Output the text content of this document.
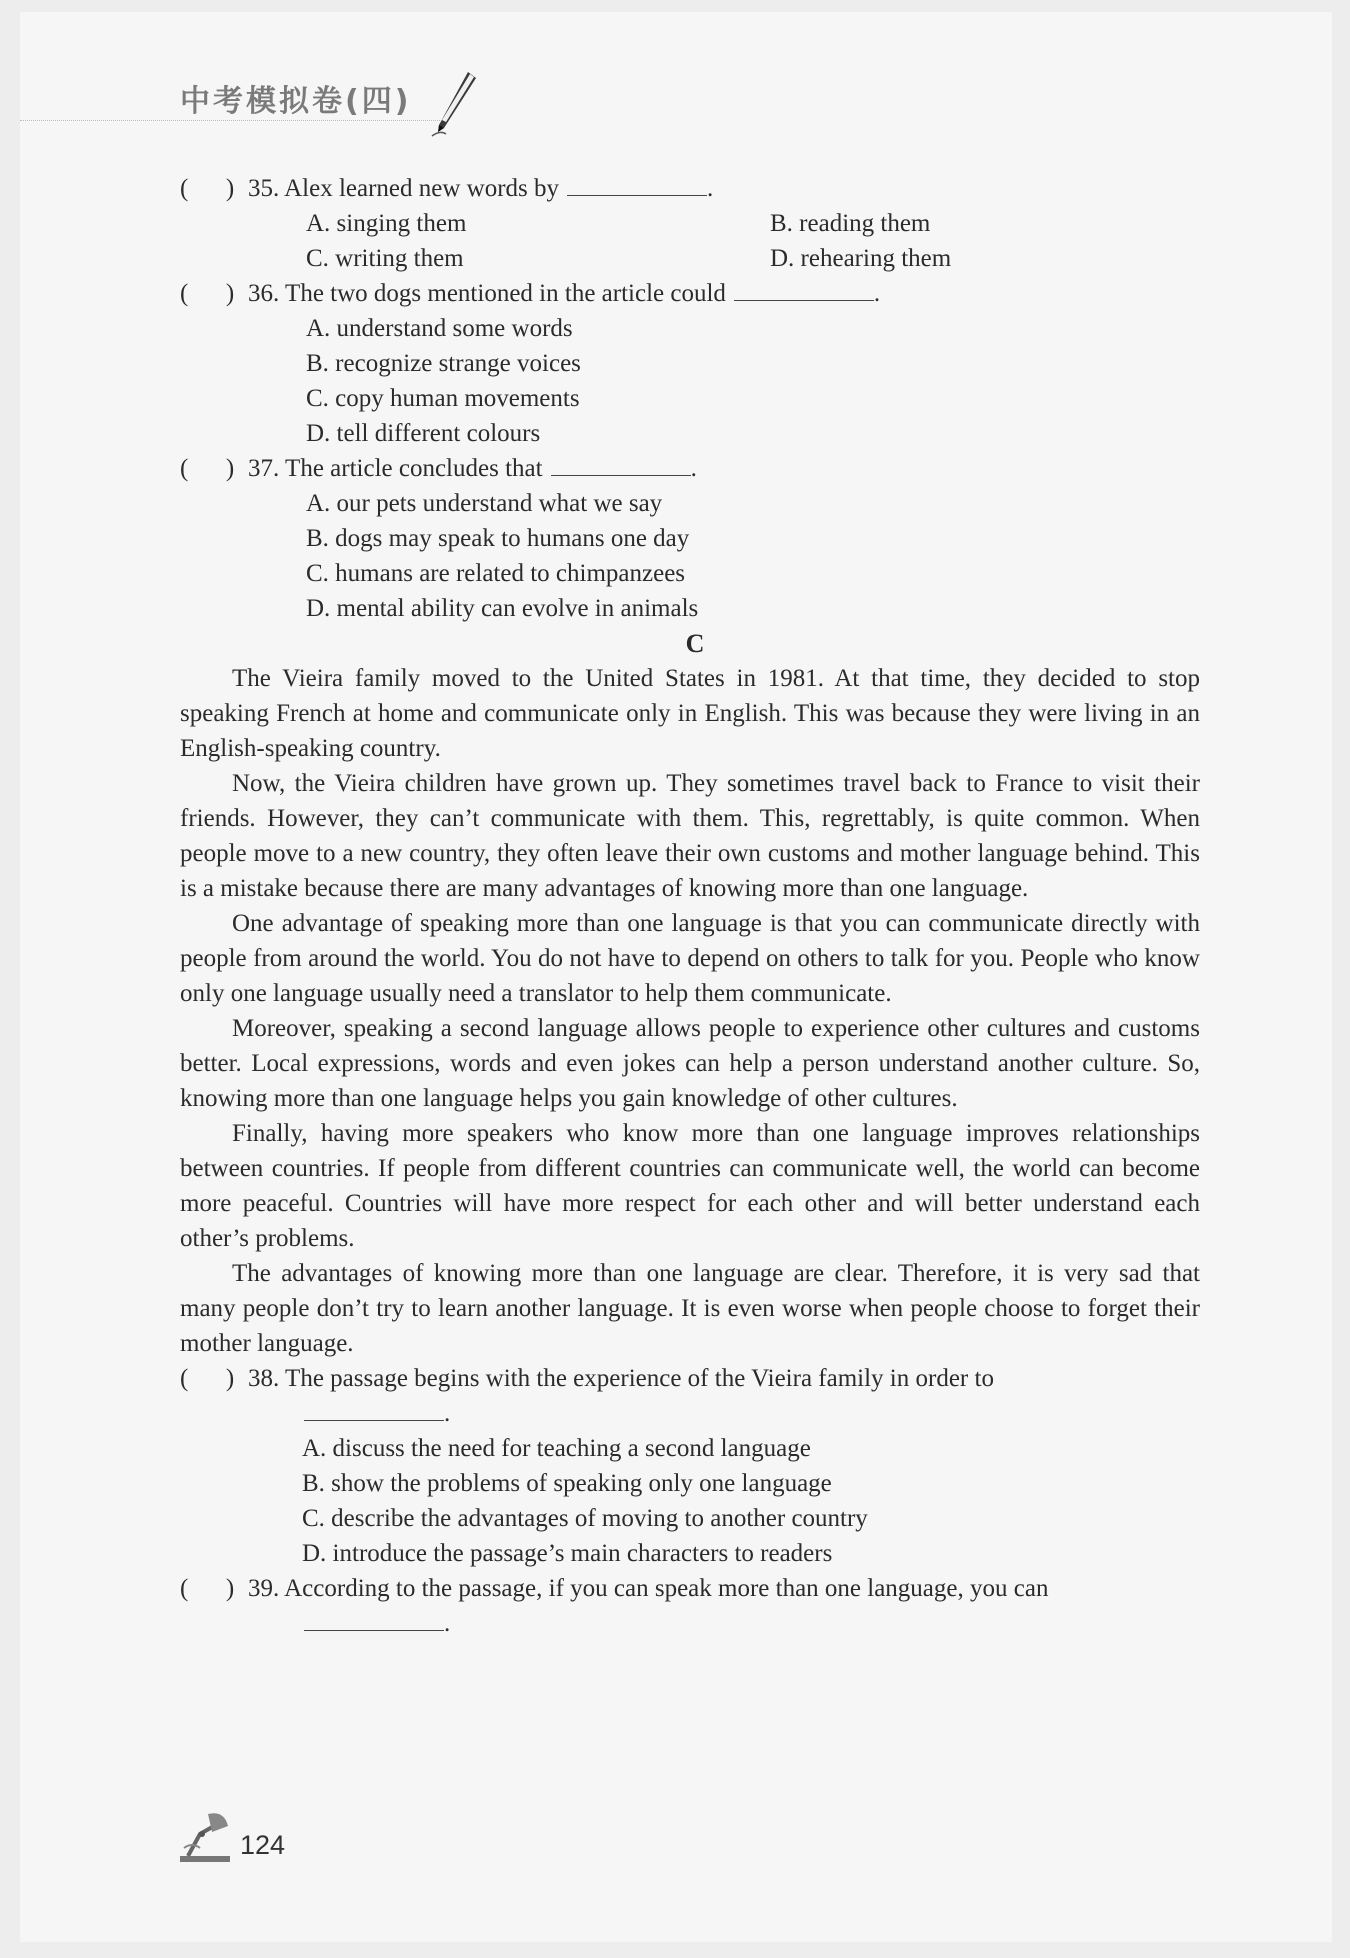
中考模拟卷(四)
(      ) 35. Alex learned new words by	.
A. singing them	B. reading them
C. writing them	D. rehearing them
(      ) 36. The two dogs mentioned in the article could	.
A. understand some words
B. recognize strange voices
C. copy human movements
D. tell different colours
(      ) 37. The article concludes that	.
A. our pets understand what we say
B. dogs may speak to humans one day
C. humans are related to chimpanzees
D. mental ability can evolve in animals
C
The Vieira family moved to the United States in 1981. At that time, they decided to stop speaking French at home and communicate only in English. This was because they were living in an English-speaking country.
Now, the Vieira children have grown up. They sometimes travel back to France to visit their friends. However, they can’t communicate with them. This, regrettably, is quite common. When people move to a new country, they often leave their own customs and mother language behind. This is a mistake because there are many advantages of knowing more than one language.
One advantage of speaking more than one language is that you can communicate directly with people from around the world. You do not have to depend on others to talk for you. People who know only one language usually need a translator to help them communicate.
Moreover, speaking a second language allows people to experience other cultures and customs better. Local expressions, words and even jokes can help a person understand another culture. So, knowing more than one language helps you gain knowledge of other cultures.
Finally, having more speakers who know more than one language improves relationships between countries. If people from different countries can communicate well, the world can become more peaceful. Countries will have more respect for each other and will better understand each other’s problems.
The advantages of knowing more than one language are clear. Therefore, it is very sad that many people don’t try to learn another language. It is even worse when people choose to forget their mother language.
(      ) 38. The passage begins with the experience of the Vieira family in order to
.
A. discuss the need for teaching a second language
B. show the problems of speaking only one language
C. describe the advantages of moving to another country
D. introduce the passage’s main characters to readers
(      ) 39. According to the passage, if you can speak more than one language, you can
.
124
